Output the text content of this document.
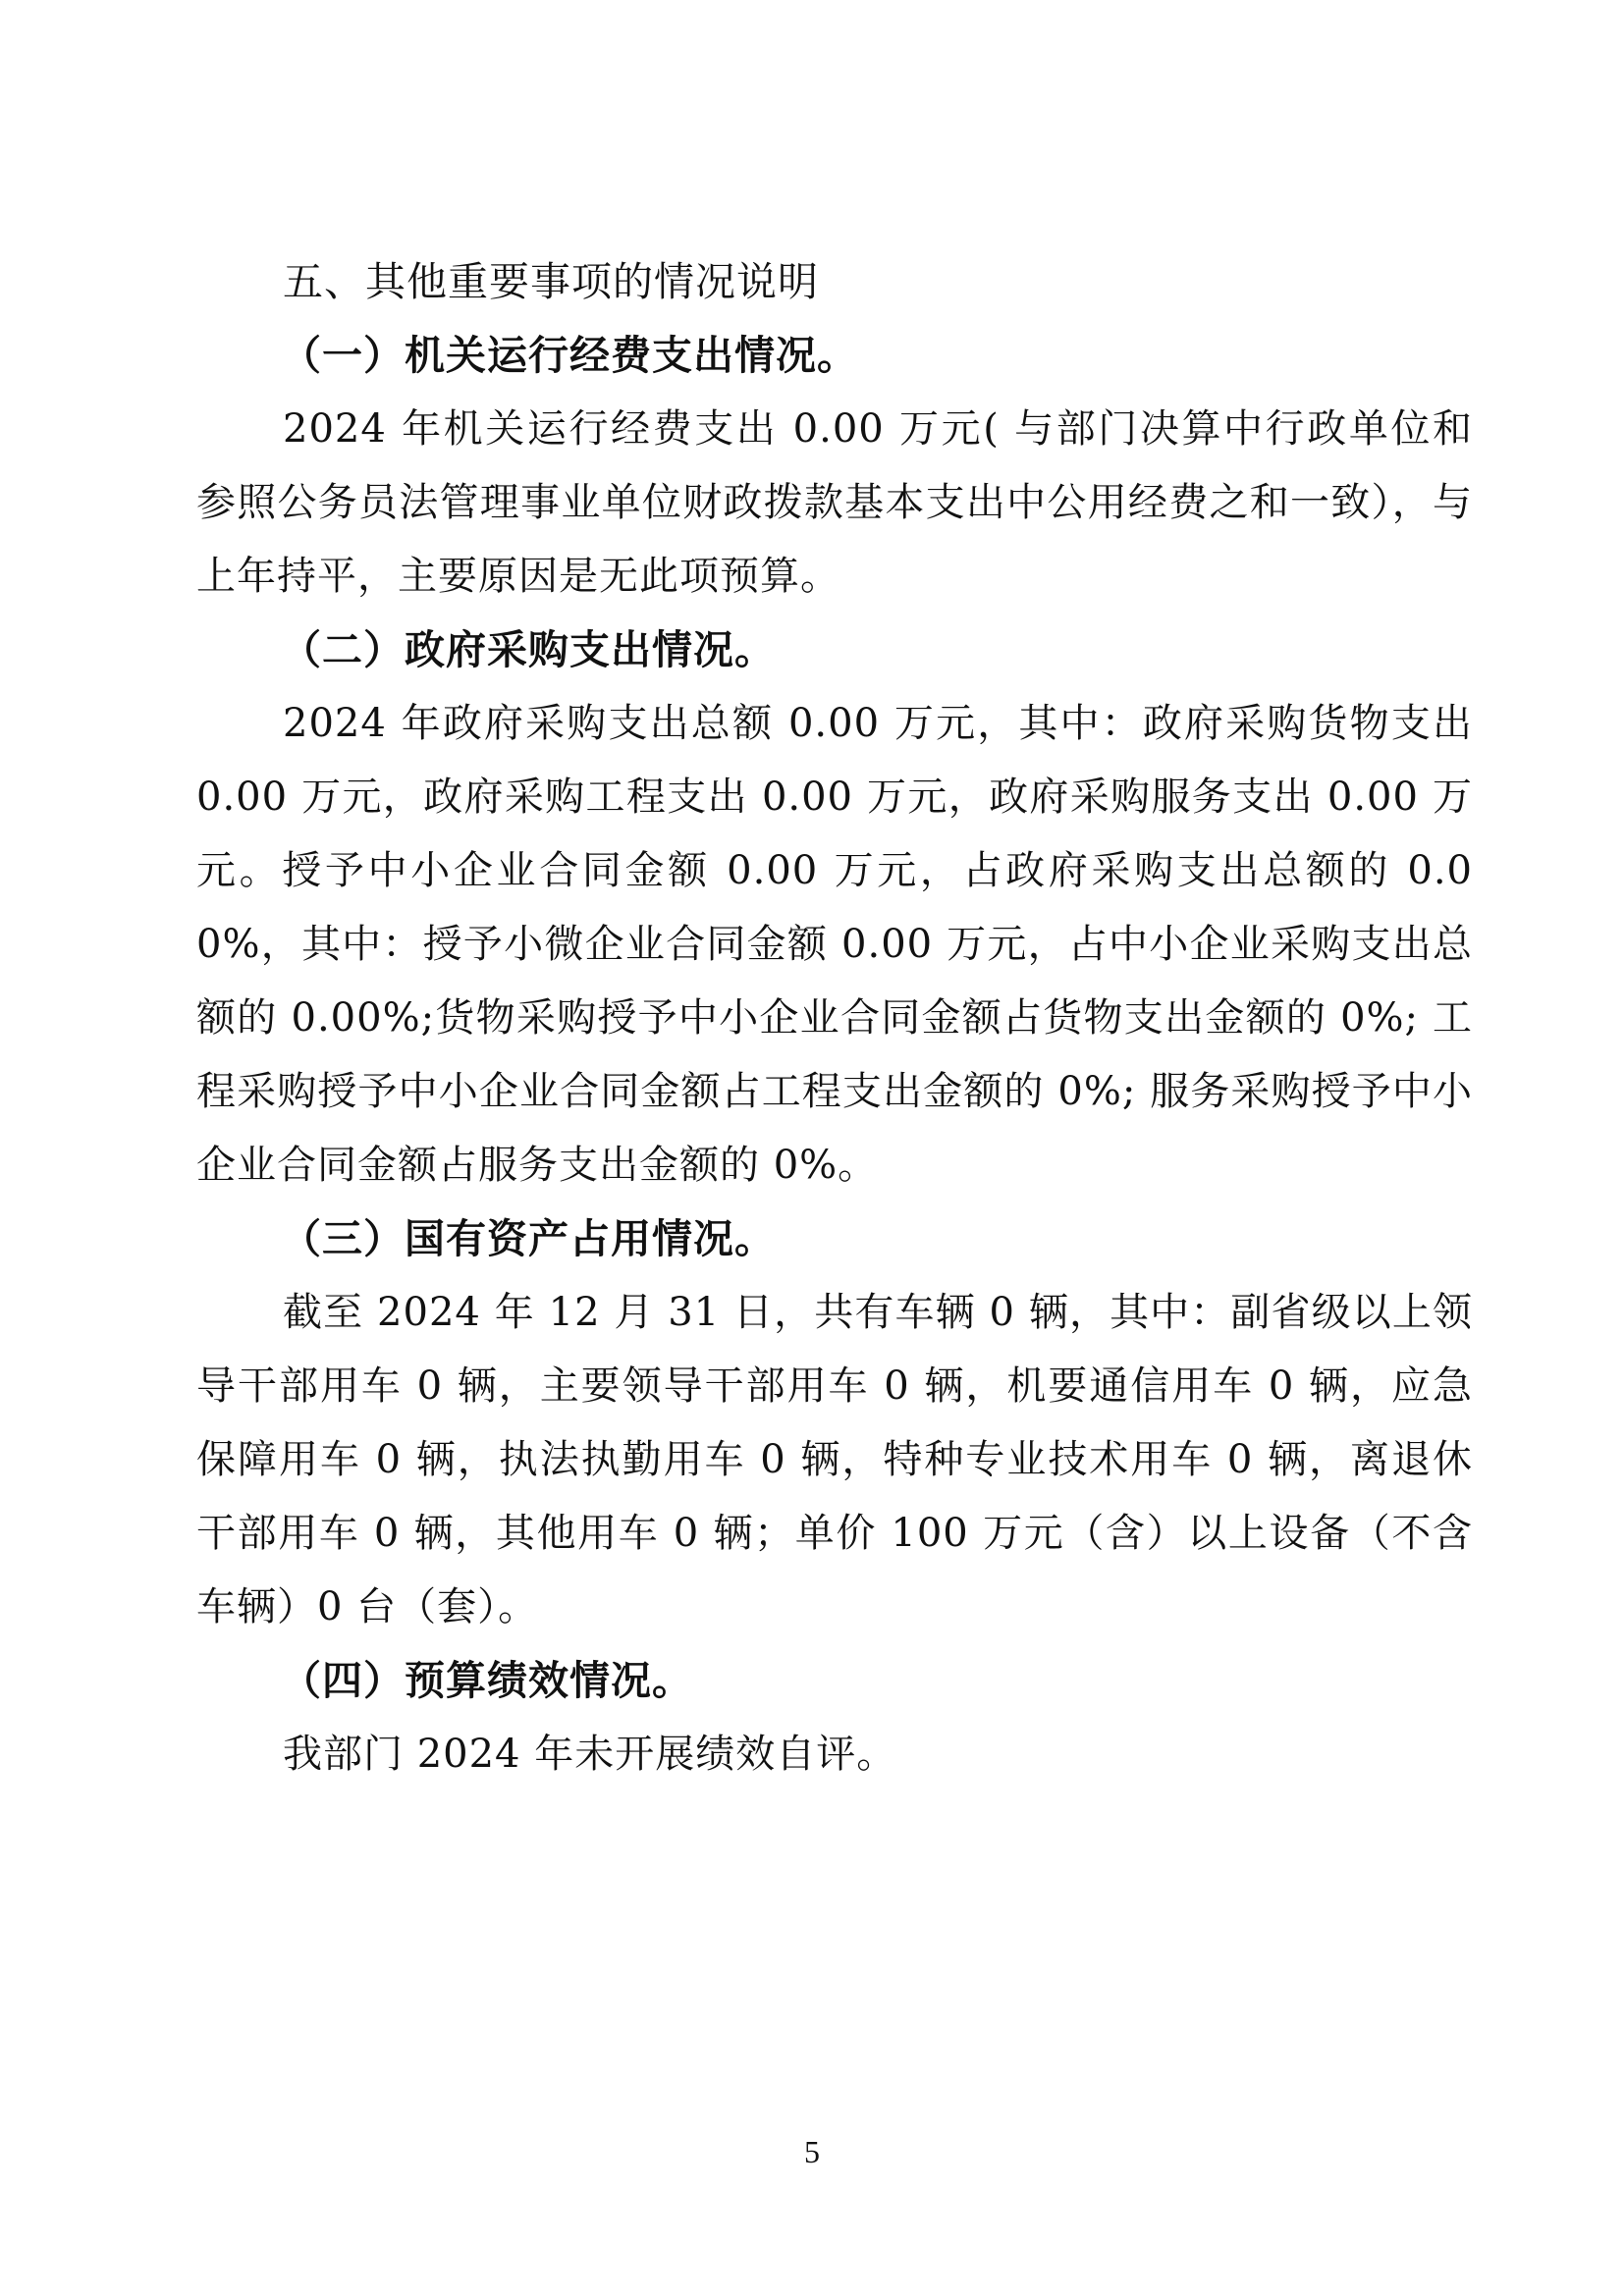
五、其他重要事项的情况说明
（一）机关运行经费支出情况。

2024 年机关运行经费支出 0.00 万元( 与部门决算中行政单位和参照公务员法管理事业单位财政拨款基本支出中公用经费之和一致），与上年持平，主要原因是无此项预算。

（二）政府采购支出情况。

2024 年政府采购支出总额 0.00 万元，其中：政府采购货物支出 0.00 万元，政府采购工程支出 0.00 万元，政府采购服务支出 0.00 万元。授予中小企业合同金额 0.00 万元，占政府采购支出总额的 0.00%，其中：授予小微企业合同金额 0.00 万元，占中小企业采购支出总额的 0.00%;货物采购授予中小企业合同金额占货物支出金额的 0%; 工程采购授予中小企业合同金额占工程支出金额的 0%; 服务采购授予中小企业合同金额占服务支出金额的 0%。

（三）国有资产占用情况。

截至 2024 年 12 月 31 日，共有车辆 0 辆，其中：副省级以上领导干部用车 0 辆，主要领导干部用车 0 辆，机要通信用车 0 辆，应急保障用车 0 辆，执法执勤用车 0 辆，特种专业技术用车 0 辆，离退休干部用车 0 辆，其他用车 0 辆；单价 100 万元（含）以上设备（不含车辆）0 台（套）。

（四）预算绩效情况。

我部门 2024 年未开展绩效自评。

5
